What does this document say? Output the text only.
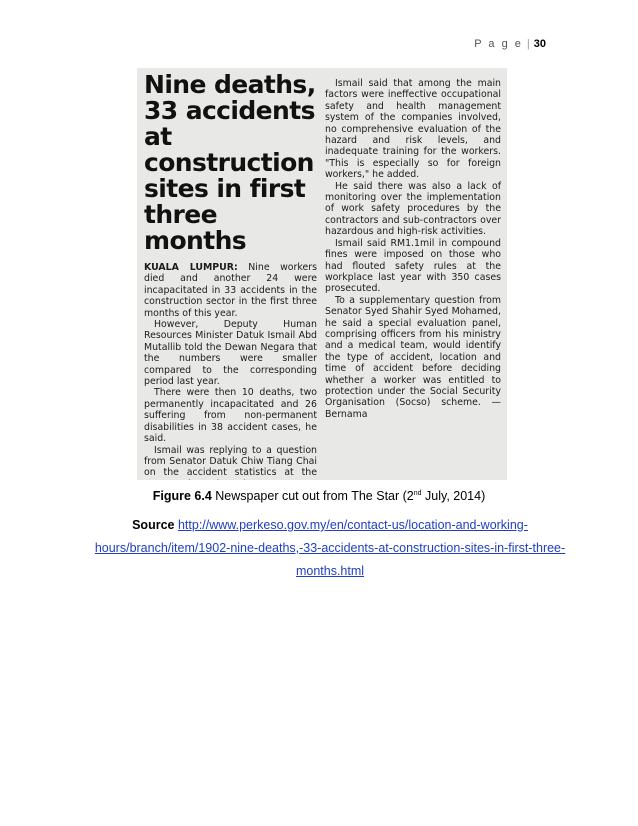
P a g e | 30
Nine deaths,
33 accidents at
construction
sites in first
three months

KUALA LUMPUR: Nine workers died and another 24 were incapacitated in 33 accidents in the construction sector in the first three months of this year.

However, Deputy Human Resources Minister Datuk Ismail Abd Mutallib told the Dewan Negara that the numbers were smaller compared to the corresponding period last year.

There were then 10 deaths, two permanently incapacitated and 26 suffering from non-permanent disabilities in 38 accident cases, he said.

Ismail was replying to a question from Senator Datuk Chiw Tiang Chai on the accident statistics at the

Ismail said that among the main factors were ineffective occupational safety and health management system of the companies involved, no comprehensive evaluation of the hazard and risk levels, and inadequate training for the workers. "This is especially so for foreign workers," he added.

He said there was also a lack of monitoring over the implementation of work safety procedures by the contractors and sub-contractors over hazardous and high-risk activities.

Ismail said RM1.1mil in compound fines were imposed on those who had flouted safety rules at the workplace last year with 350 cases prosecuted.

To a supplementary question from Senator Syed Shahir Syed Mohamed, he said a special evaluation panel, comprising officers from his ministry and a medical team, would identify the type of accident, location and time of accident before deciding whether a worker was entitled to protection under the Social Security Organisation (Socso) scheme. — Bernama

Figure 6.4 Newspaper cut out from The Star (2nd July, 2014)
Source http://www.perkeso.gov.my/en/contact-us/location-and-working-
hours/branch/item/1902-nine-deaths,-33-accidents-at-construction-sites-in-first-three-
months.html
